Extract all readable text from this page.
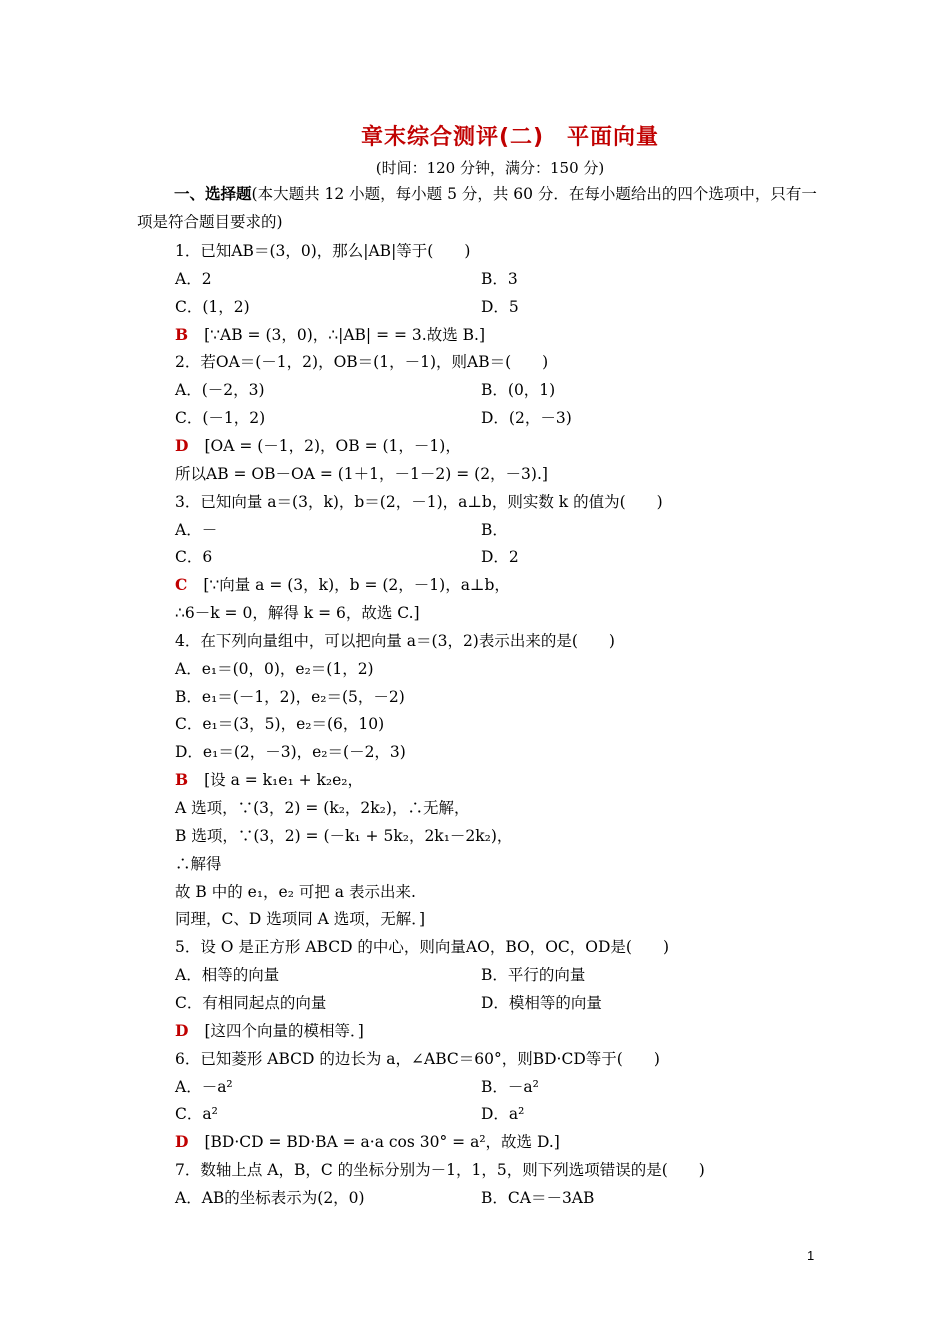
章末综合测评(二)　平面向量
(时间：120 分钟，满分：150 分)
一、选择题(本大题共 12 小题，每小题 5 分，共 60 分．在每小题给出的四个选项中，只有一项是符合题目要求的)
1．已知AB＝(3，0)，那么|AB|等于(　　)
A．2	B．3
C．(1，2)	D．5
B [∵AB = (3，0)，∴|AB| = = 3.故选 B.]
2．若OA＝(－1，2)，OB＝(1，－1)，则AB＝(　　)
A．(－2，3)	B．(0，1)
C．(－1，2)	D．(2，－3)
D [OA = (－1，2)，OB = (1，－1)，
所以AB = OB－OA = (1＋1，－1－2) = (2，－3).]
3．已知向量 a＝(3，k)，b＝(2，－1)，a⊥b，则实数 k 的值为(　　)
A．－	B．
C．6	D．2
C [∵向量 a = (3，k)，b = (2，－1)，a⊥b，
∴6－k = 0，解得 k = 6，故选 C.]
4．在下列向量组中，可以把向量 a＝(3，2)表示出来的是(　　)
A．e₁＝(0，0)，e₂＝(1，2)
B．e₁＝(－1，2)，e₂＝(5，－2)
C．e₁＝(3，5)，e₂＝(6，10)
D．e₁＝(2，－3)，e₂＝(－2，3)
B [设 a = k₁e₁ + k₂e₂，
A 选项，∵(3，2) = (k₂，2k₂)，∴无解，
B 选项，∵(3，2) = (－k₁ + 5k₂，2k₁－2k₂)，
∴解得
故 B 中的 e₁，e₂ 可把 a 表示出来.
同理，C、D 选项同 A 选项，无解．]
5．设 O 是正方形 ABCD 的中心，则向量AO，BO，OC，OD是(　　)
A．相等的向量	B．平行的向量
C．有相同起点的向量	D．模相等的向量
D [这四个向量的模相等．]
6．已知菱形 ABCD 的边长为 a，∠ABC＝60°，则BD·CD等于(　　)
A．－a²	B．－a²
C．a²	D．a²
D [BD·CD = BD·BA = a·a cos 30° = a²，故选 D.]
7．数轴上点 A，B，C 的坐标分别为－1，1，5，则下列选项错误的是(　　)
A．AB的坐标表示为(2，0)	B．CA＝－3AB
1
